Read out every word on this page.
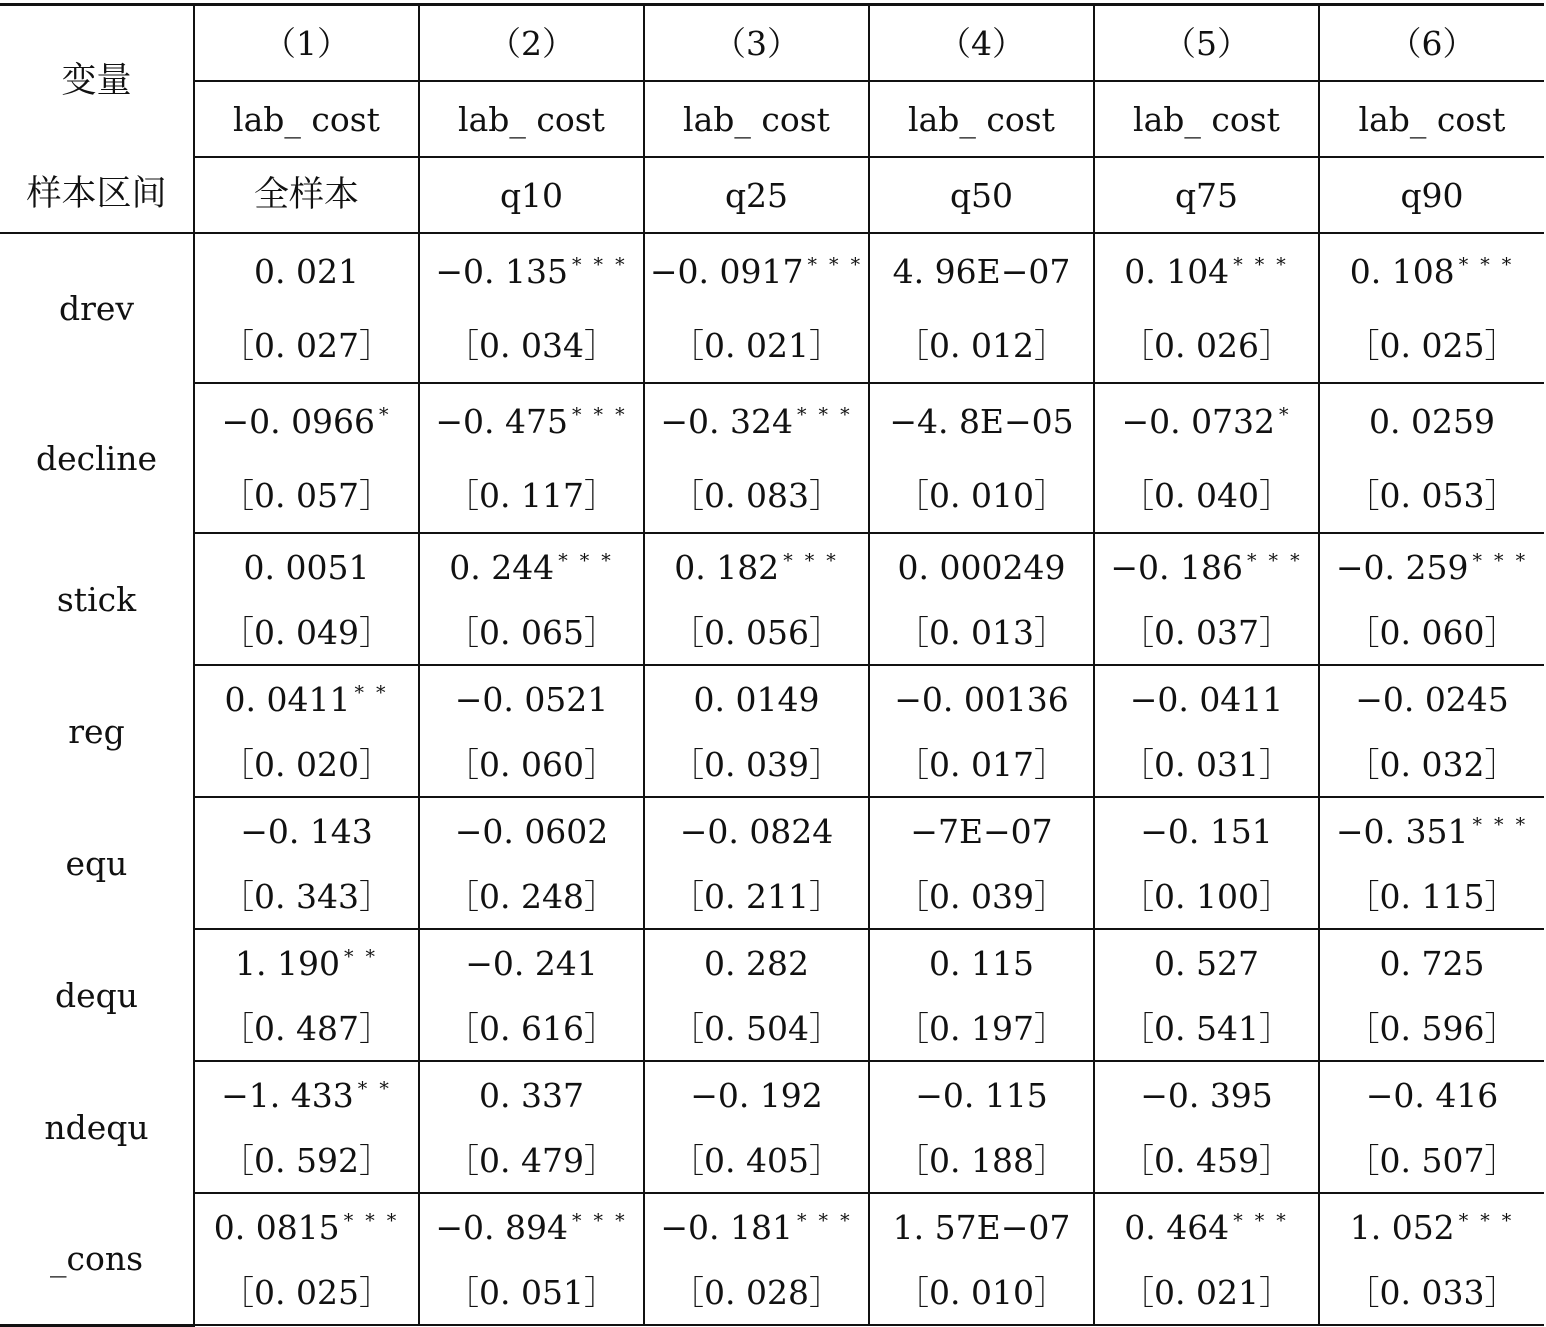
变量	（1）	（2）	（3）	（4）	（5）	（6）
	lab_ cost	lab_ cost	lab_ cost	lab_ cost	lab_ cost	lab_ cost
样本区间	全样本	q10	q25	q50	q75	q90
drev	0. 021	−0. 135 * * *	−0. 0917 * * *	4. 96E−07	0. 104 * * *	0. 108 * * *
	［0. 027］	［0. 034］	［0. 021］	［0. 012］	［0. 026］	［0. 025］
decline	−0. 0966 *	−0. 475 * * *	−0. 324 * * *	−4. 8E−05	−0. 0732 *	0. 0259
	［0. 057］	［0. 117］	［0. 083］	［0. 010］	［0. 040］	［0. 053］
stick	0. 0051	0. 244 * * *	0. 182 * * *	0. 000249	−0. 186 * * *	−0. 259 * * *
	［0. 049］	［0. 065］	［0. 056］	［0. 013］	［0. 037］	［0. 060］
reg	0. 0411 * *	−0. 0521	0. 0149	−0. 00136	−0. 0411	−0. 0245
	［0. 020］	［0. 060］	［0. 039］	［0. 017］	［0. 031］	［0. 032］
equ	−0. 143	−0. 0602	−0. 0824	−7E−07	−0. 151	−0. 351 * * *
	［0. 343］	［0. 248］	［0. 211］	［0. 039］	［0. 100］	［0. 115］
dequ	1. 190 * *	−0. 241	0. 282	0. 115	0. 527	0. 725
	［0. 487］	［0. 616］	［0. 504］	［0. 197］	［0. 541］	［0. 596］
ndequ	−1. 433 * *	0. 337	−0. 192	−0. 115	−0. 395	−0. 416
	［0. 592］	［0. 479］	［0. 405］	［0. 188］	［0. 459］	［0. 507］
_cons	0. 0815 * * *	−0. 894 * * *	−0. 181 * * *	1. 57E−07	0. 464 * * *	1. 052 * * *
	［0. 025］	［0. 051］	［0. 028］	［0. 010］	［0. 021］	［0. 033］
